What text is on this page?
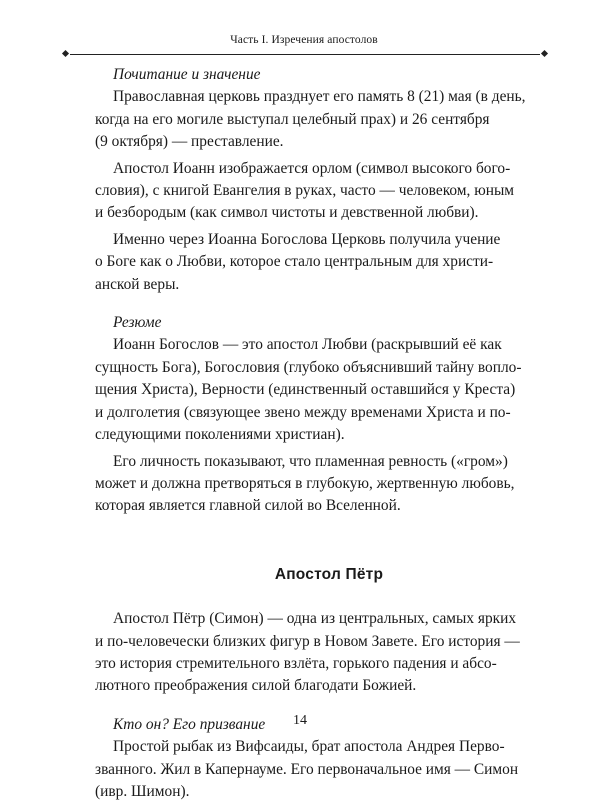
Часть I. Изречения апостолов

Почитание и значение

Православная церковь празднует его память 8 (21) мая (в день,
когда на его могиле выступал целебный прах) и 26 сентября
(9 октября) — преставление.

Апостол Иоанн изображается орлом (символ высокого бого-
словия), с книгой Евангелия в руках, часто — человеком, юным
и безбородым (как символ чистоты и девственной любви).

Именно через Иоанна Богослова Церковь получила учение
о Боге как о Любви, которое стало центральным для христи-
анской веры.

Резюме

Иоанн Богослов — это апостол Любви (раскрывший её как
сущность Бога), Богословия (глубоко объяснивший тайну вопло-
щения Христа), Верности (единственный оставшийся у Креста)
и долголетия (связующее звено между временами Христа и по-
следующими поколениями христиан).

Его личность показывают, что пламенная ревность («гром»)
может и должна претворяться в глубокую, жертвенную любовь,
которая является главной силой во Вселенной.

Апостол Пётр

Апостол Пётр (Симон) — одна из центральных, самых ярких
и по-человечески близких фигур в Новом Завете. Его история —
это история стремительного взлёта, горького падения и абсо-
лютного преображения силой благодати Божией.

Кто он? Его призвание

Простой рыбак из Вифсаиды, брат апостола Андрея Перво-
званного. Жил в Капернауме. Его первоначальное имя — Симон
(ивр. Шимон).

14
